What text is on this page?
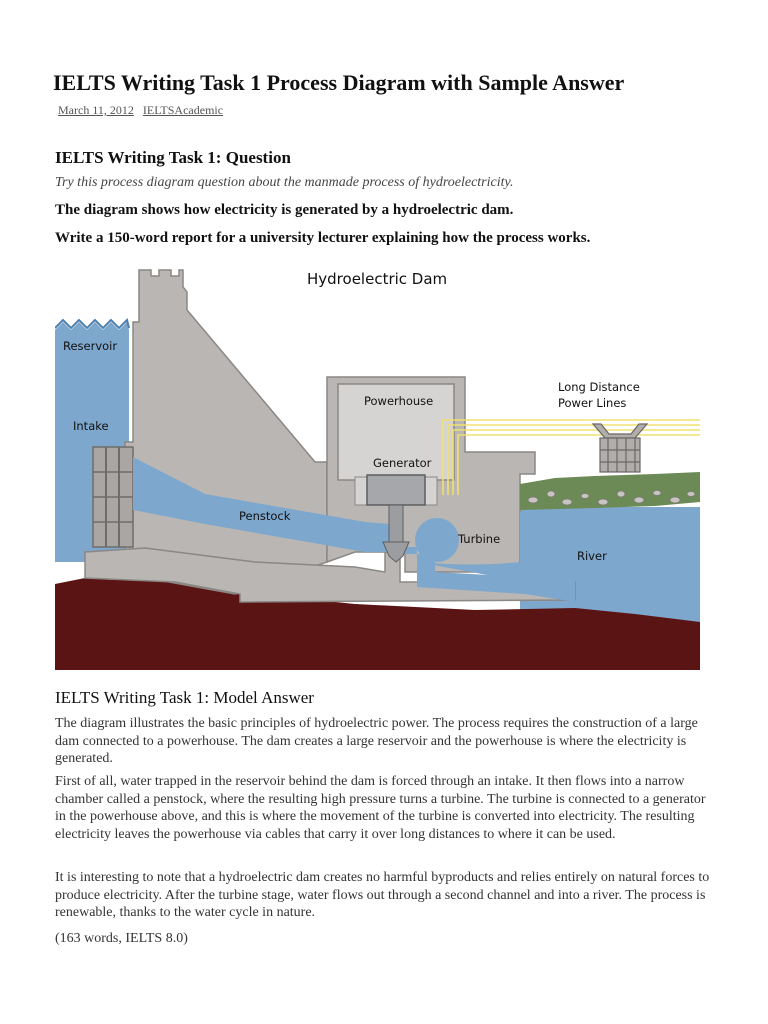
IELTS Writing Task 1 Process Diagram with Sample Answer
March 11, 2012 IELTSAcademic
IELTS Writing Task 1: Question

Try this process diagram question about the manmade process of hydroelectricity.

The diagram shows how electricity is generated by a hydroelectric dam.

Write a 150-word report for a university lecturer explaining how the process works.

Hydroelectric Dam
Reservoir
Intake
Powerhouse
Generator
Penstock
Turbine
River
Long Distance
Power Lines
IELTS Writing Task 1: Model Answer

The diagram illustrates the basic principles of hydroelectric power. The process requires the construction of a large dam connected to a powerhouse. The dam creates a large reservoir and the powerhouse is where the electricity is generated.

First of all, water trapped in the reservoir behind the dam is forced through an intake. It then flows into a narrow chamber called a penstock, where the resulting high pressure turns a turbine. The turbine is connected to a generator in the powerhouse above, and this is where the movement of the turbine is converted into electricity. The resulting electricity leaves the powerhouse via cables that carry it over long distances to where it can be used.

It is interesting to note that a hydroelectric dam creates no harmful byproducts and relies entirely on natural forces to produce electricity. After the turbine stage, water flows out through a second channel and into a river. The process is renewable, thanks to the water cycle in nature.

(163 words, IELTS 8.0)
